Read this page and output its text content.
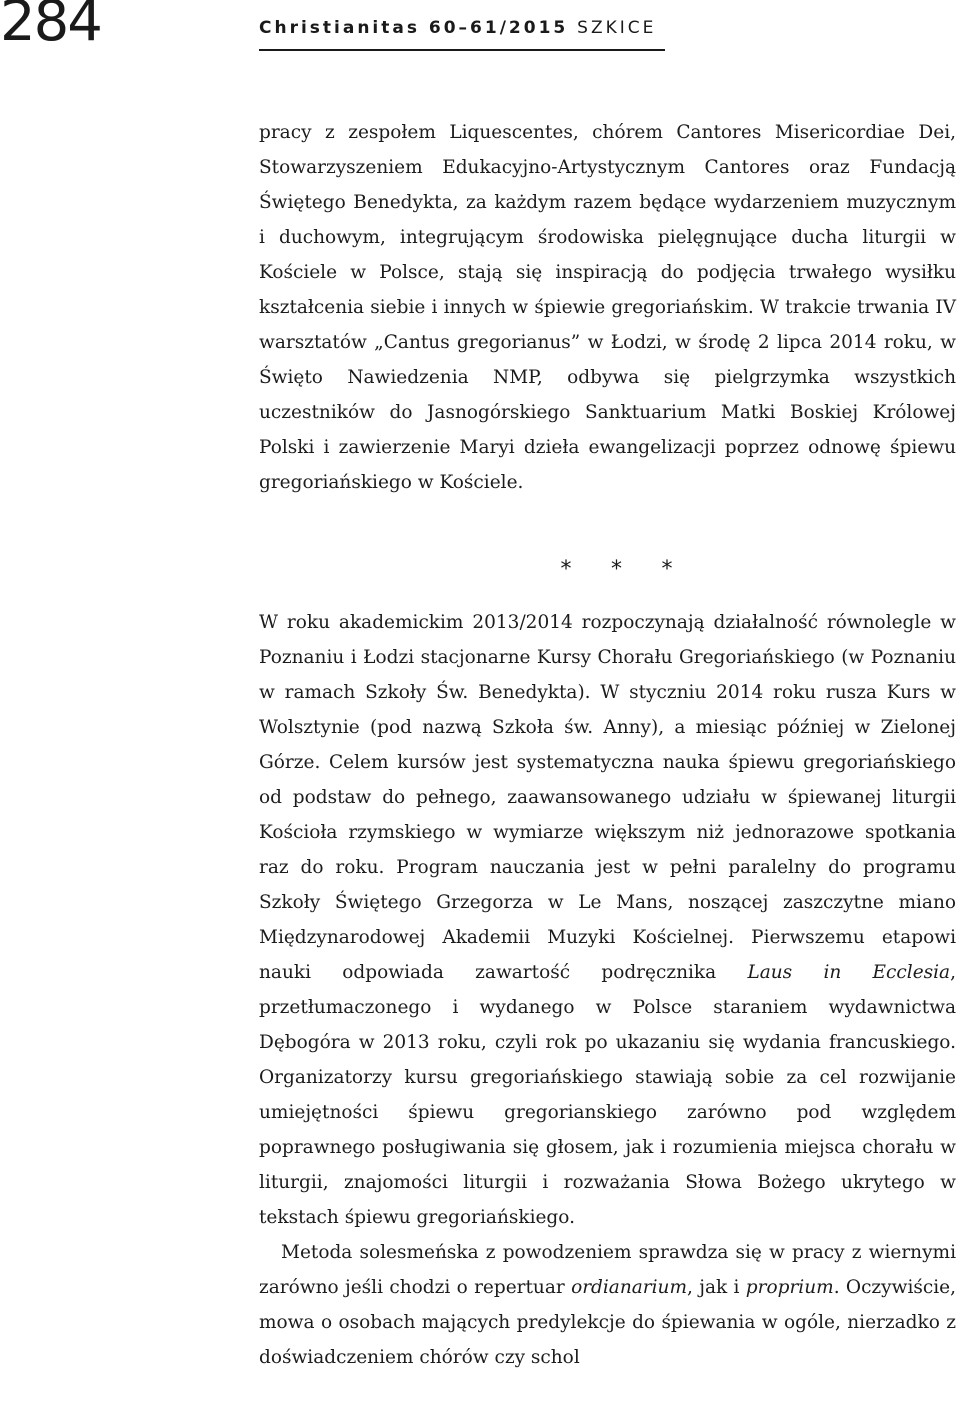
284	Christianitas 60–61/2015 SZKICE

pracy z zespołem Liquescentes, chórem Cantores Misericordiae Dei, Stowarzyszeniem Edukacyjno-Artystycznym Cantores oraz Fundacją Świętego Benedykta, za każdym razem będące wydarzeniem muzycznym i duchowym, integrującym środowiska pielęgnujące ducha liturgii w Kościele w Polsce, stają się inspiracją do podjęcia trwałego wysiłku kształcenia siebie i innych w śpiewie gregoriańskim. W trakcie trwania IV warsztatów „Cantus gregorianus” w Łodzi, w środę 2 lipca 2014 roku, w Święto Nawiedzenia NMP, odbywa się pielgrzymka wszystkich uczestników do Jasnogórskiego Sanktuarium Matki Boskiej Królowej Polski i zawierzenie Maryi dzieła ewangelizacji poprzez odnowę śpiewu gregoriańskiego w Kościele.

* * *

W roku akademickim 2013/2014 rozpoczynają działalność równolegle w Poznaniu i Łodzi stacjonarne Kursy Chorału Gregoriańskiego (w Poznaniu w ramach Szkoły Św. Benedykta). W styczniu 2014 roku rusza Kurs w Wolsztynie (pod nazwą Szkoła św. Anny), a miesiąc później w Zielonej Górze. Celem kursów jest systematyczna nauka śpiewu gregoriańskiego od podstaw do pełnego, zaawansowanego udziału w śpiewanej liturgii Kościoła rzymskiego w wymiarze większym niż jednorazowe spotkania raz do roku. Program nauczania jest w pełni paralelny do programu Szkoły Świętego Grzegorza w Le Mans, noszącej zaszczytne miano Międzynarodowej Akademii Muzyki Kościelnej. Pierwszemu etapowi nauki odpowiada zawartość podręcznika Laus in Ecclesia, przetłumaczonego i wydanego w Polsce staraniem wydawnictwa Dębogóra w 2013 roku, czyli rok po ukazaniu się wydania francuskiego. Organizatorzy kursu gregoriańskiego stawiają sobie za cel rozwijanie umiejętności śpiewu gregorianskiego zarówno pod względem poprawnego posługiwania się głosem, jak i rozumienia miejsca chorału w liturgii, znajomości liturgii i rozważania Słowa Bożego ukrytego w tekstach śpiewu gregoriańskiego.

Metoda solesmeńska z powodzeniem sprawdza się w pracy z wiernymi zarówno jeśli chodzi o repertuar ordianarium, jak i proprium. Oczywiście, mowa o osobach mających predylekcje do śpiewania w ogóle, nierzadko z doświadczeniem chórów czy schol
